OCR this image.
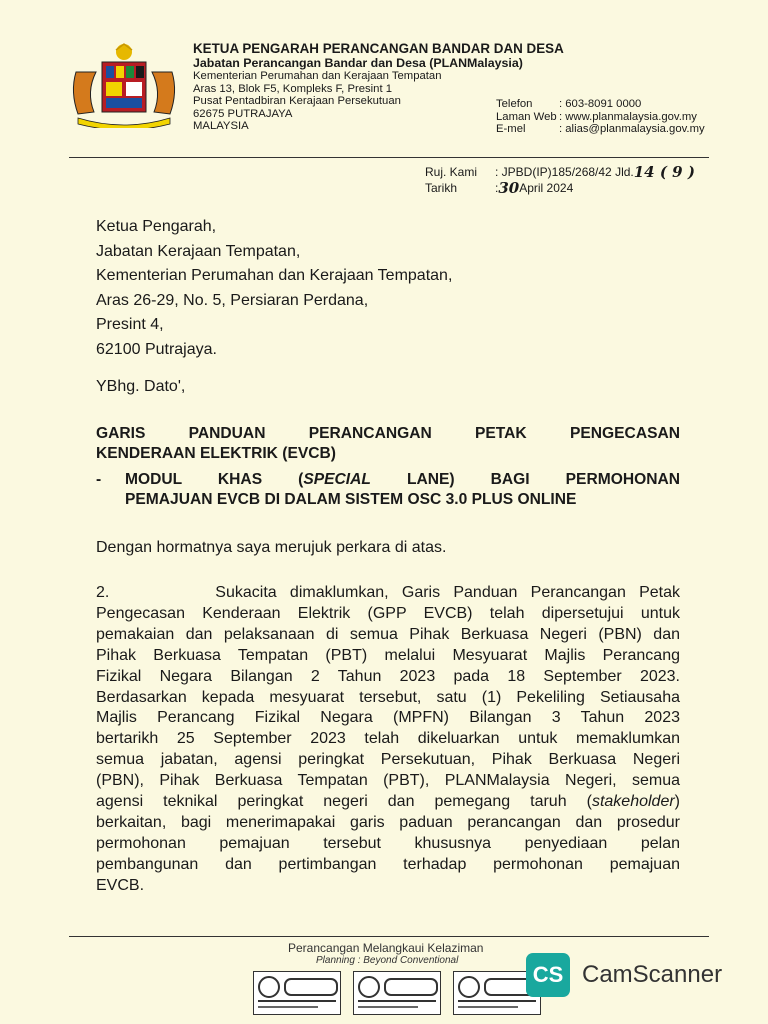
KETUA PENGARAH PERANCANGAN BANDAR DAN DESA
Jabatan Perancangan Bandar dan Desa (PLANMalaysia)
Kementerian Perumahan dan Kerajaan Tempatan
Aras 13, Blok F5, Kompleks F, Presint 1
Pusat Pentadbiran Kerajaan Persekutuan
62675 PUTRAJAYA
MALAYSIA
Telefon	: 603-8091 0000
Laman Web : www.planmalaysia.gov.my
E-mel	: alias@planmalaysia.gov.my
Ruj. Kami	: JPBD(IP)185/268/42 Jld. 14 ( 9 )
Tarikh	: 30 April 2024
Ketua Pengarah,
Jabatan Kerajaan Tempatan,
Kementerian Perumahan dan Kerajaan Tempatan,
Aras 26-29, No. 5, Persiaran Perdana,
Presint 4,
62100 Putrajaya.
YBhg. Dato',
GARIS PANDUAN PERANCANGAN PETAK PENGECASAN
KENDERAAN ELEKTRIK (EVCB)
-	MODUL KHAS (SPECIAL LANE) BAGI PERMOHONAN
PEMAJUAN EVCB DI DALAM SISTEM OSC 3.0 PLUS ONLINE
Dengan hormatnya saya merujuk perkara di atas.
2.        Sukacita dimaklumkan, Garis Panduan Perancangan Petak
Pengecasan Kenderaan Elektrik (GPP EVCB) telah dipersetujui untuk
pemakaian dan pelaksanaan di semua Pihak Berkuasa Negeri (PBN) dan
Pihak Berkuasa Tempatan (PBT) melalui Mesyuarat Majlis Perancang
Fizikal Negara Bilangan 2 Tahun 2023 pada 18 September 2023.
Berdasarkan kepada mesyuarat tersebut, satu (1) Pekeliling Setiausaha
Majlis Perancang Fizikal Negara (MPFN) Bilangan 3 Tahun 2023
bertarikh 25 September 2023 telah dikeluarkan untuk memaklumkan
semua jabatan, agensi peringkat Persekutuan, Pihak Berkuasa Negeri
(PBN), Pihak Berkuasa Tempatan (PBT), PLANMalaysia Negeri, semua
agensi teknikal peringkat negeri dan pemegang taruh (stakeholder)
berkaitan, bagi menerimapakai garis paduan perancangan dan prosedur
permohonan pemajuan tersebut khususnya penyediaan pelan
pembangunan dan pertimbangan terhadap permohonan pemajuan
EVCB.
Perancangan Melangkaui Kelaziman
Planning : Beyond Conventional
CS CamScanner
